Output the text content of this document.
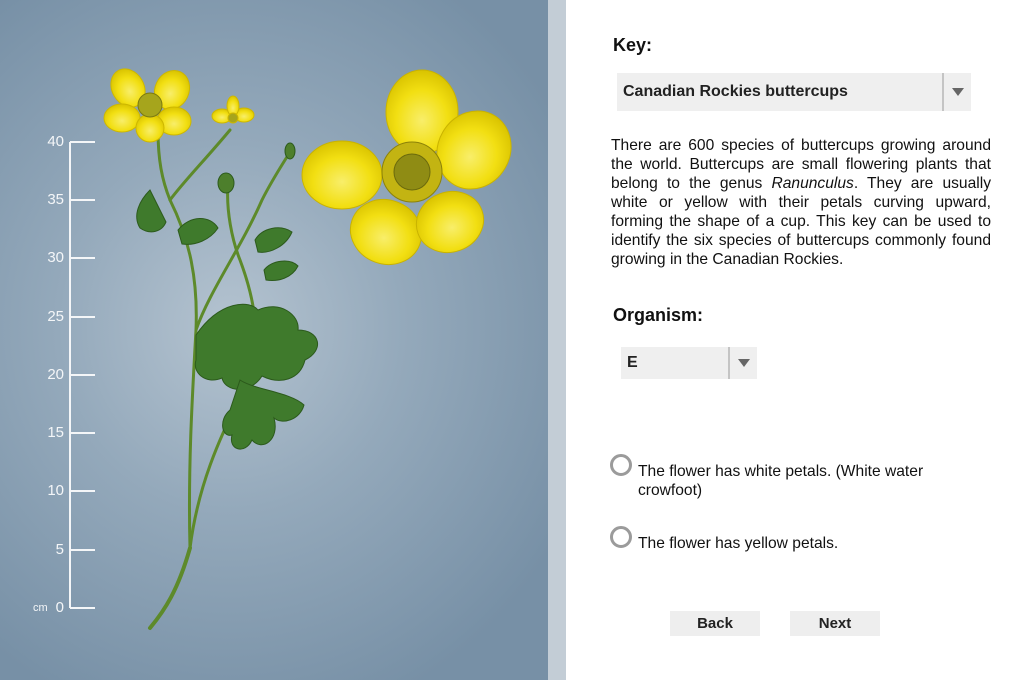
40
35
30
25
20
15
10
5
0
cm
Key:
Canadian Rockies buttercups
There are 600 species of buttercups growing around the world. Buttercups are small flowering plants that belong to the genus Ranunculus. They are usually white or yellow with their petals curving upward, forming the shape of a cup. This key can be used to identify the six species of buttercups commonly found growing in the Canadian Rockies.
Organism:
E
The flower has white petals. (White water crowfoot)
The flower has yellow petals.
Back	Next
